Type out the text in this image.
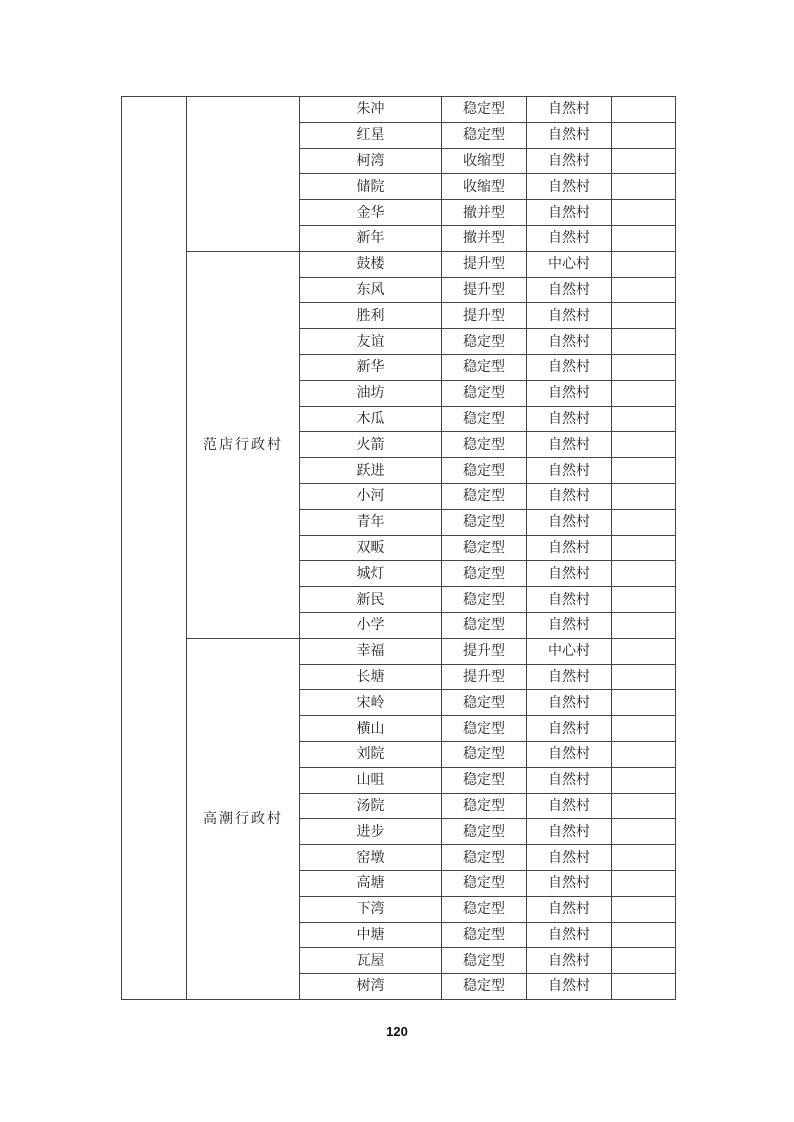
		朱冲	稳定型	自然村	
		红星	稳定型	自然村	
		柯湾	收缩型	自然村	
		储院	收缩型	自然村	
		金华	撤并型	自然村	
		新年	撤并型	自然村	
	范店行政村	鼓楼	提升型	中心村	
		东风	提升型	自然村	
		胜利	提升型	自然村	
		友谊	稳定型	自然村	
		新华	稳定型	自然村	
		油坊	稳定型	自然村	
		木瓜	稳定型	自然村	
		火箭	稳定型	自然村	
		跃进	稳定型	自然村	
		小河	稳定型	自然村	
		青年	稳定型	自然村	
		双畈	稳定型	自然村	
		城灯	稳定型	自然村	
		新民	稳定型	自然村	
		小学	稳定型	自然村	
	高潮行政村	幸福	提升型	中心村	
		长塘	提升型	自然村	
		宋岭	稳定型	自然村	
		横山	稳定型	自然村	
		刘院	稳定型	自然村	
		山咀	稳定型	自然村	
		汤院	稳定型	自然村	
		进步	稳定型	自然村	
		窑墩	稳定型	自然村	
		高塘	稳定型	自然村	
		下湾	稳定型	自然村	
		中塘	稳定型	自然村	
		瓦屋	稳定型	自然村	
		树湾	稳定型	自然村	
120
